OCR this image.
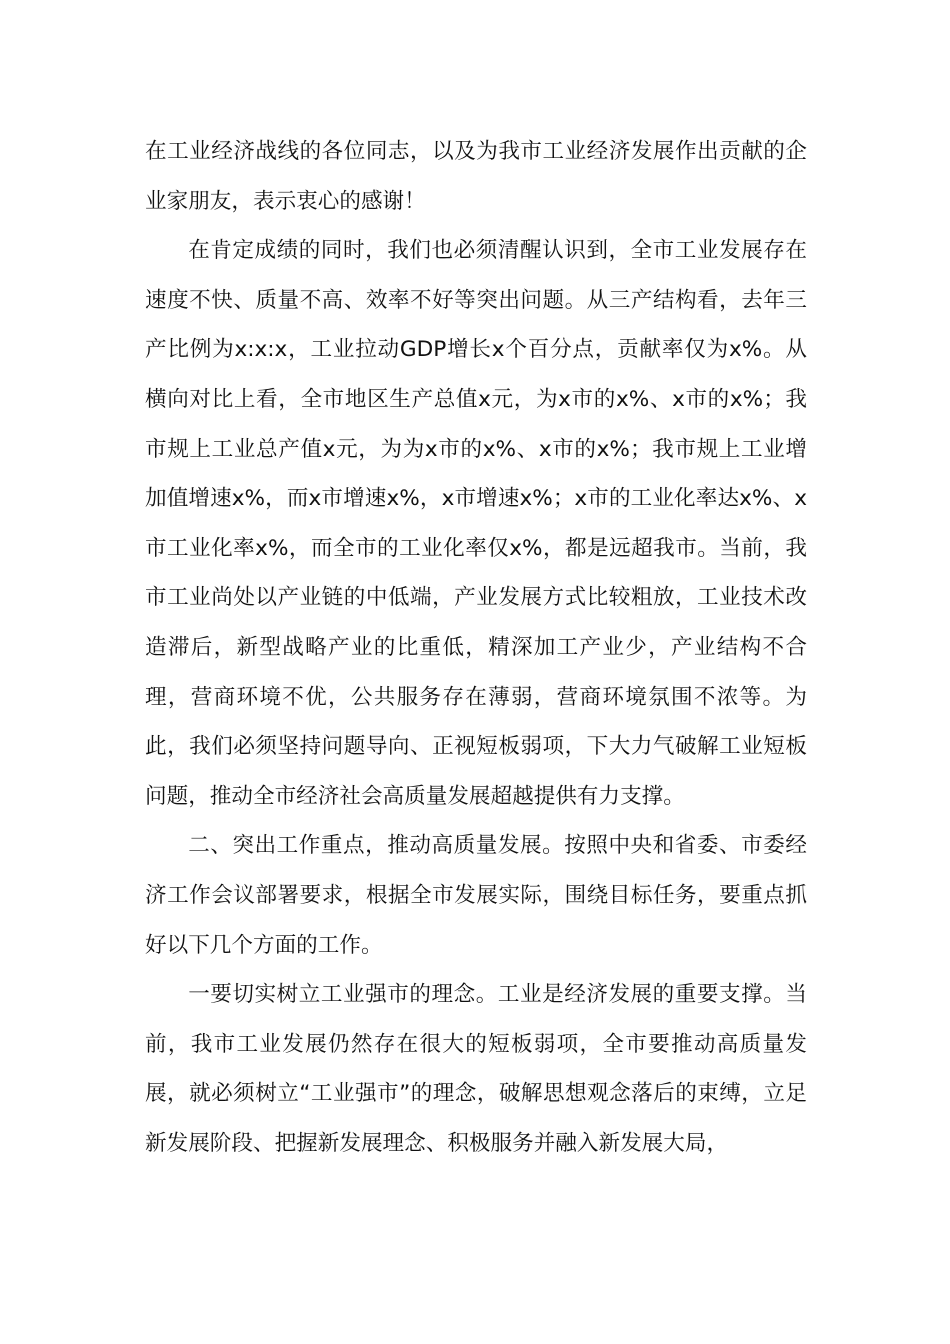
在工业经济战线的各位同志，以及为我市工业经济发展作出贡献的企业家朋友，表示衷心的感谢！

在肯定成绩的同时，我们也必须清醒认识到，全市工业发展存在速度不快、质量不高、效率不好等突出问题。从三产结构看，去年三产比例为x:x:x，工业拉动GDP增长x个百分点，贡献率仅为x%。从横向对比上看，全市地区生产总值x元，为x市的x%、x市的x%；我市规上工业总产值x元，为为x市的x%、x市的x%；我市规上工业增加值增速x%，而x市增速x%，x市增速x%；x市的工业化率达x%、x市工业化率x%，而全市的工业化率仅x%，都是远超我市。当前，我市工业尚处以产业链的中低端，产业发展方式比较粗放，工业技术改造滞后，新型战略产业的比重低，精深加工产业少，产业结构不合理，营商环境不优，公共服务存在薄弱，营商环境氛围不浓等。为此，我们必须坚持问题导向、正视短板弱项，下大力气破解工业短板问题，推动全市经济社会高质量发展超越提供有力支撑。

二、突出工作重点，推动高质量发展。按照中央和省委、市委经济工作会议部署要求，根据全市发展实际，围绕目标任务，要重点抓好以下几个方面的工作。

一要切实树立工业强市的理念。工业是经济发展的重要支撑。当前，我市工业发展仍然存在很大的短板弱项，全市要推动高质量发展，就必须树立“工业强市”的理念，破解思想观念落后的束缚，立足新发展阶段、把握新发展理念、积极服务并融入新发展大局，
